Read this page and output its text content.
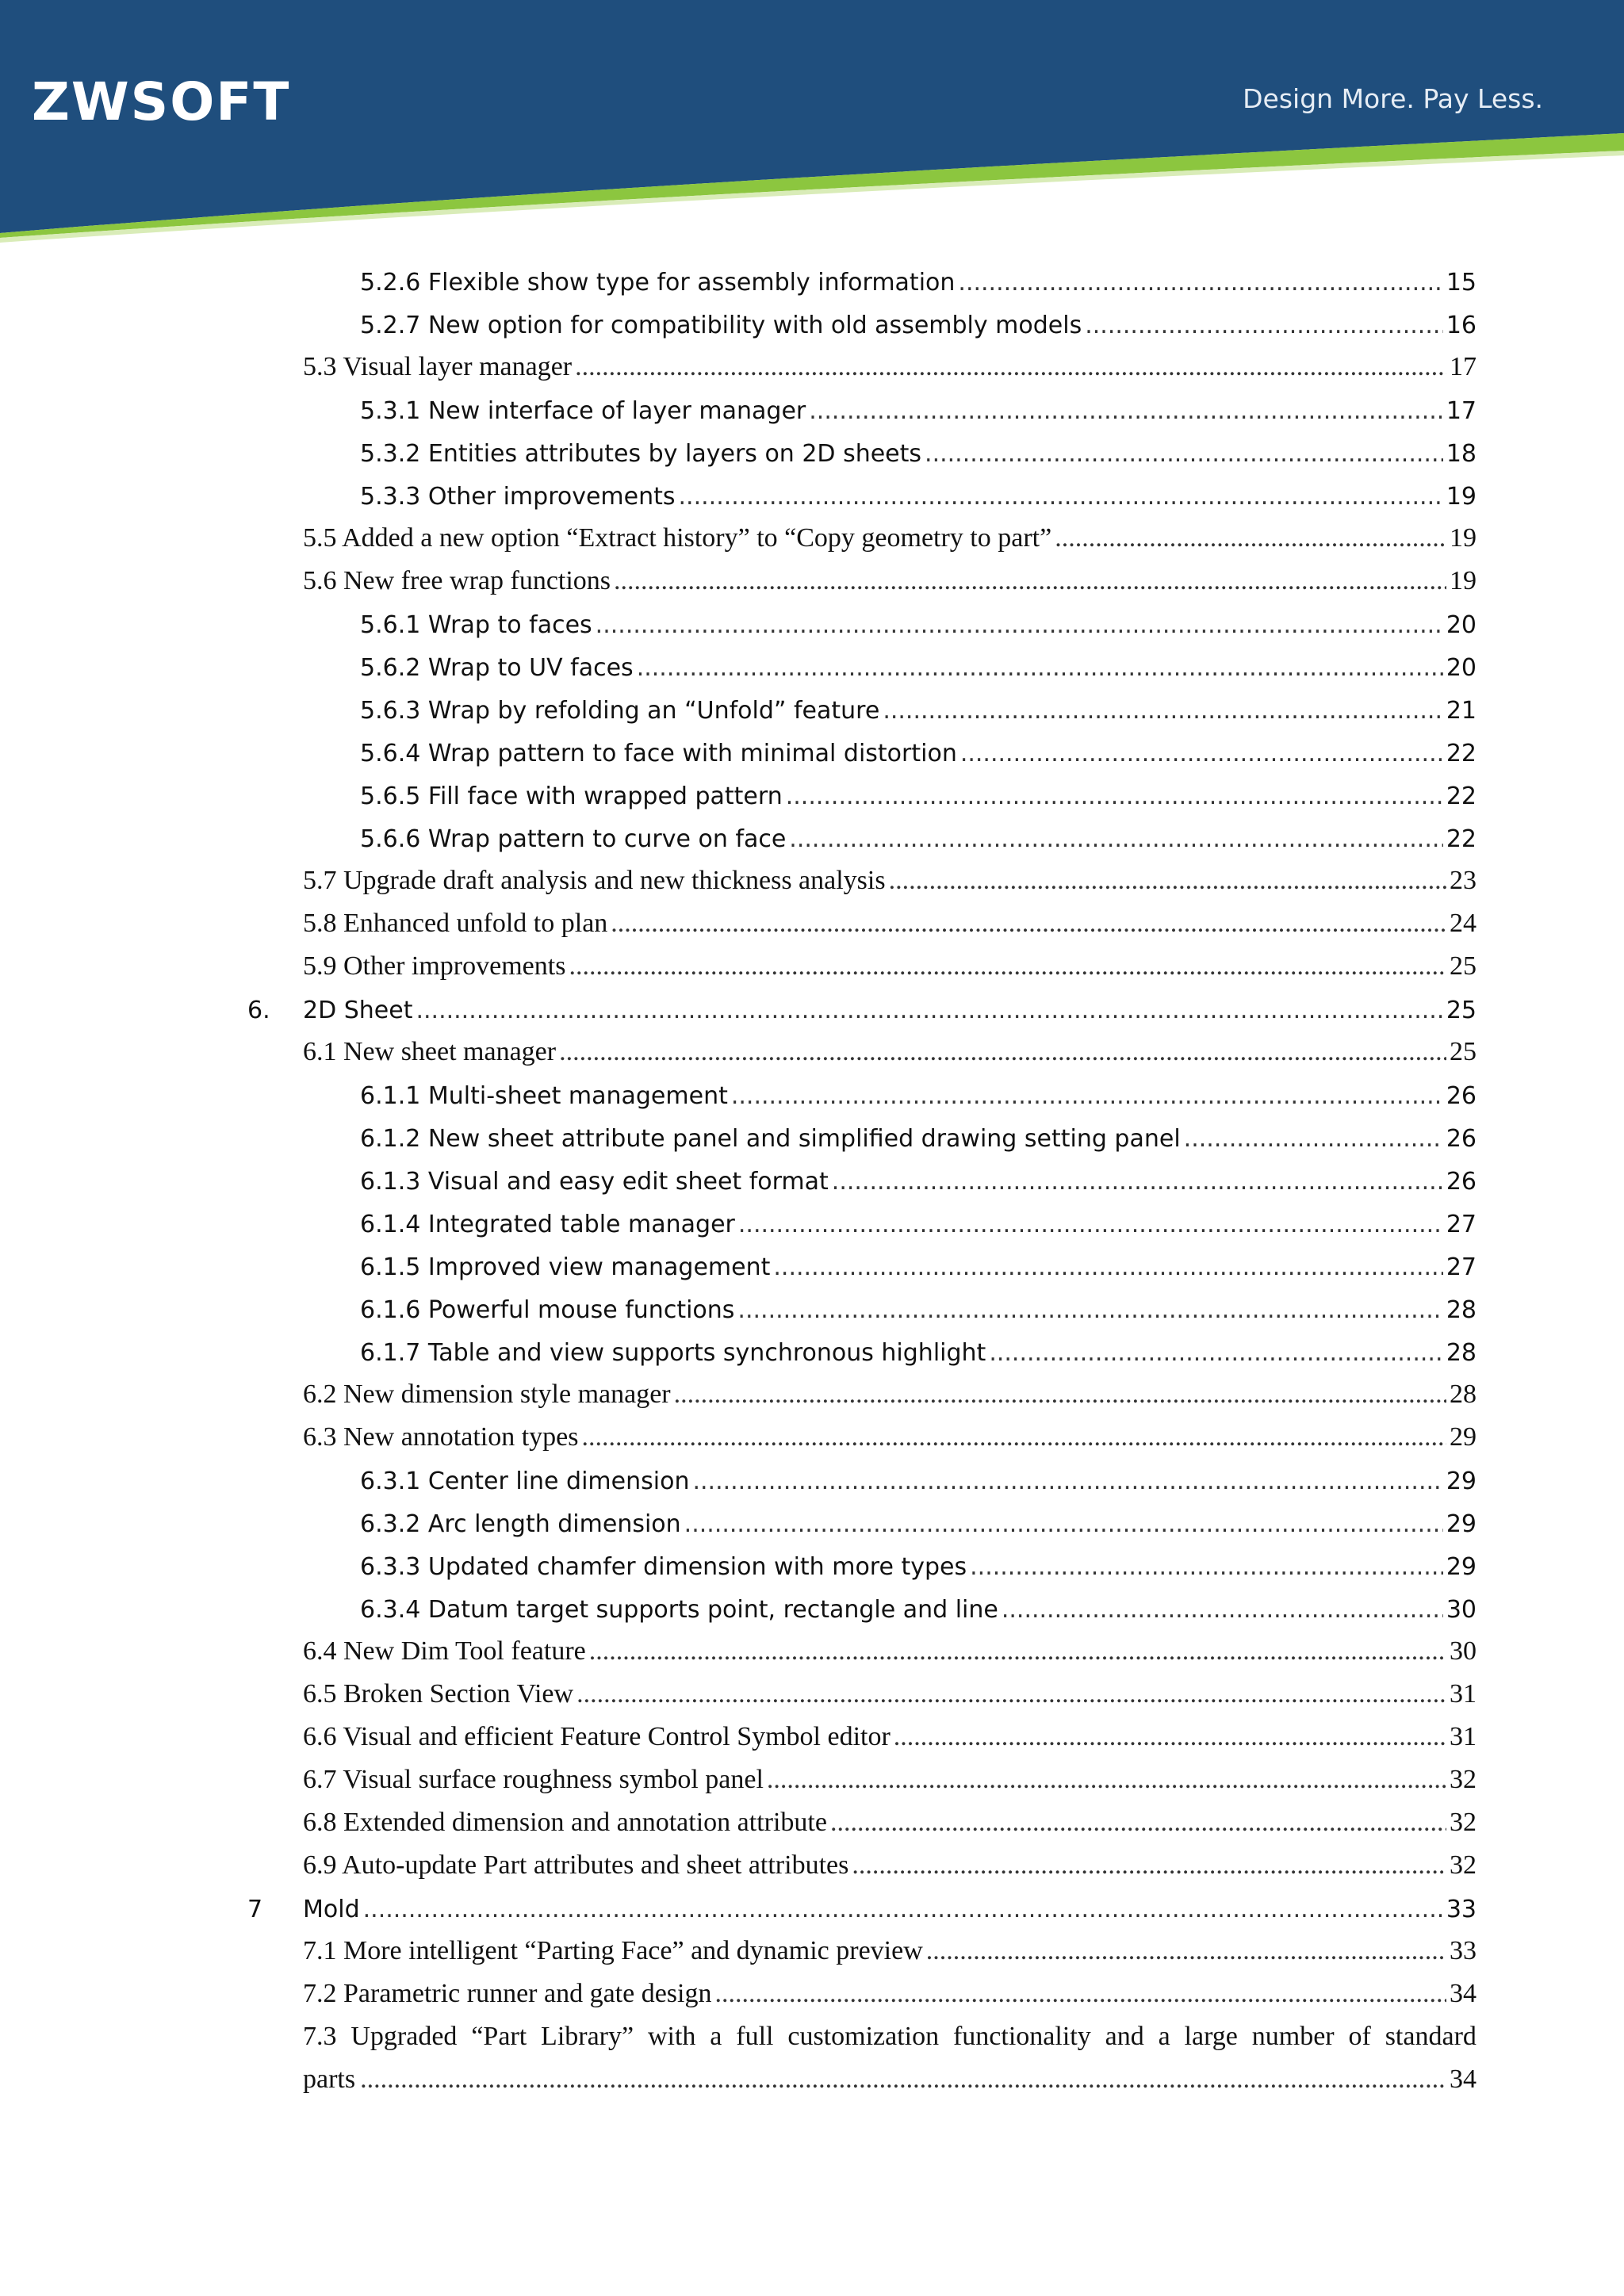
ZWSOFT	Design More. Pay Less.
5.2.6 Flexible show type for assembly information .....	15
5.2.7 New option for compatibility with old assembly models .....	16
5.3 Visual layer manager .....	17
5.3.1 New interface of layer manager .....	17
5.3.2 Entities attributes by layers on 2D sheets .....	18
5.3.3 Other improvements .....	19
5.5 Added a new option “Extract history” to “Copy geometry to part” .....	19
5.6 New free wrap functions .....	19
5.6.1 Wrap to faces .....	20
5.6.2 Wrap to UV faces .....	20
5.6.3 Wrap by refolding an “Unfold” feature .....	21
5.6.4 Wrap pattern to face with minimal distortion .....	22
5.6.5 Fill face with wrapped pattern .....	22
5.6.6 Wrap pattern to curve on face .....	22
5.7 Upgrade draft analysis and new thickness analysis .....	23
5.8 Enhanced unfold to plan .....	24
5.9 Other improvements .....	25
6. 2D Sheet .....	25
6.1 New sheet manager .....	25
6.1.1 Multi-sheet management .....	26
6.1.2 New sheet attribute panel and simplified drawing setting panel .....	26
6.1.3 Visual and easy edit sheet format .....	26
6.1.4 Integrated table manager .....	27
6.1.5 Improved view management .....	27
6.1.6 Powerful mouse functions .....	28
6.1.7 Table and view supports synchronous highlight .....	28
6.2 New dimension style manager .....	28
6.3 New annotation types .....	29
6.3.1 Center line dimension .....	29
6.3.2 Arc length dimension .....	29
6.3.3 Updated chamfer dimension with more types .....	29
6.3.4 Datum target supports point, rectangle and line .....	30
6.4 New Dim Tool feature .....	30
6.5 Broken Section View .....	31
6.6 Visual and efficient Feature Control Symbol editor .....	31
6.7 Visual surface roughness symbol panel .....	32
6.8 Extended dimension and annotation attribute .....	32
6.9 Auto-update Part attributes and sheet attributes .....	32
7 Mold .....	33
7.1 More intelligent “Parting Face” and dynamic preview .....	33
7.2 Parametric runner and gate design .....	34
7.3 Upgraded “Part Library” with a full customization functionality and a large number of standard
parts .....	34
